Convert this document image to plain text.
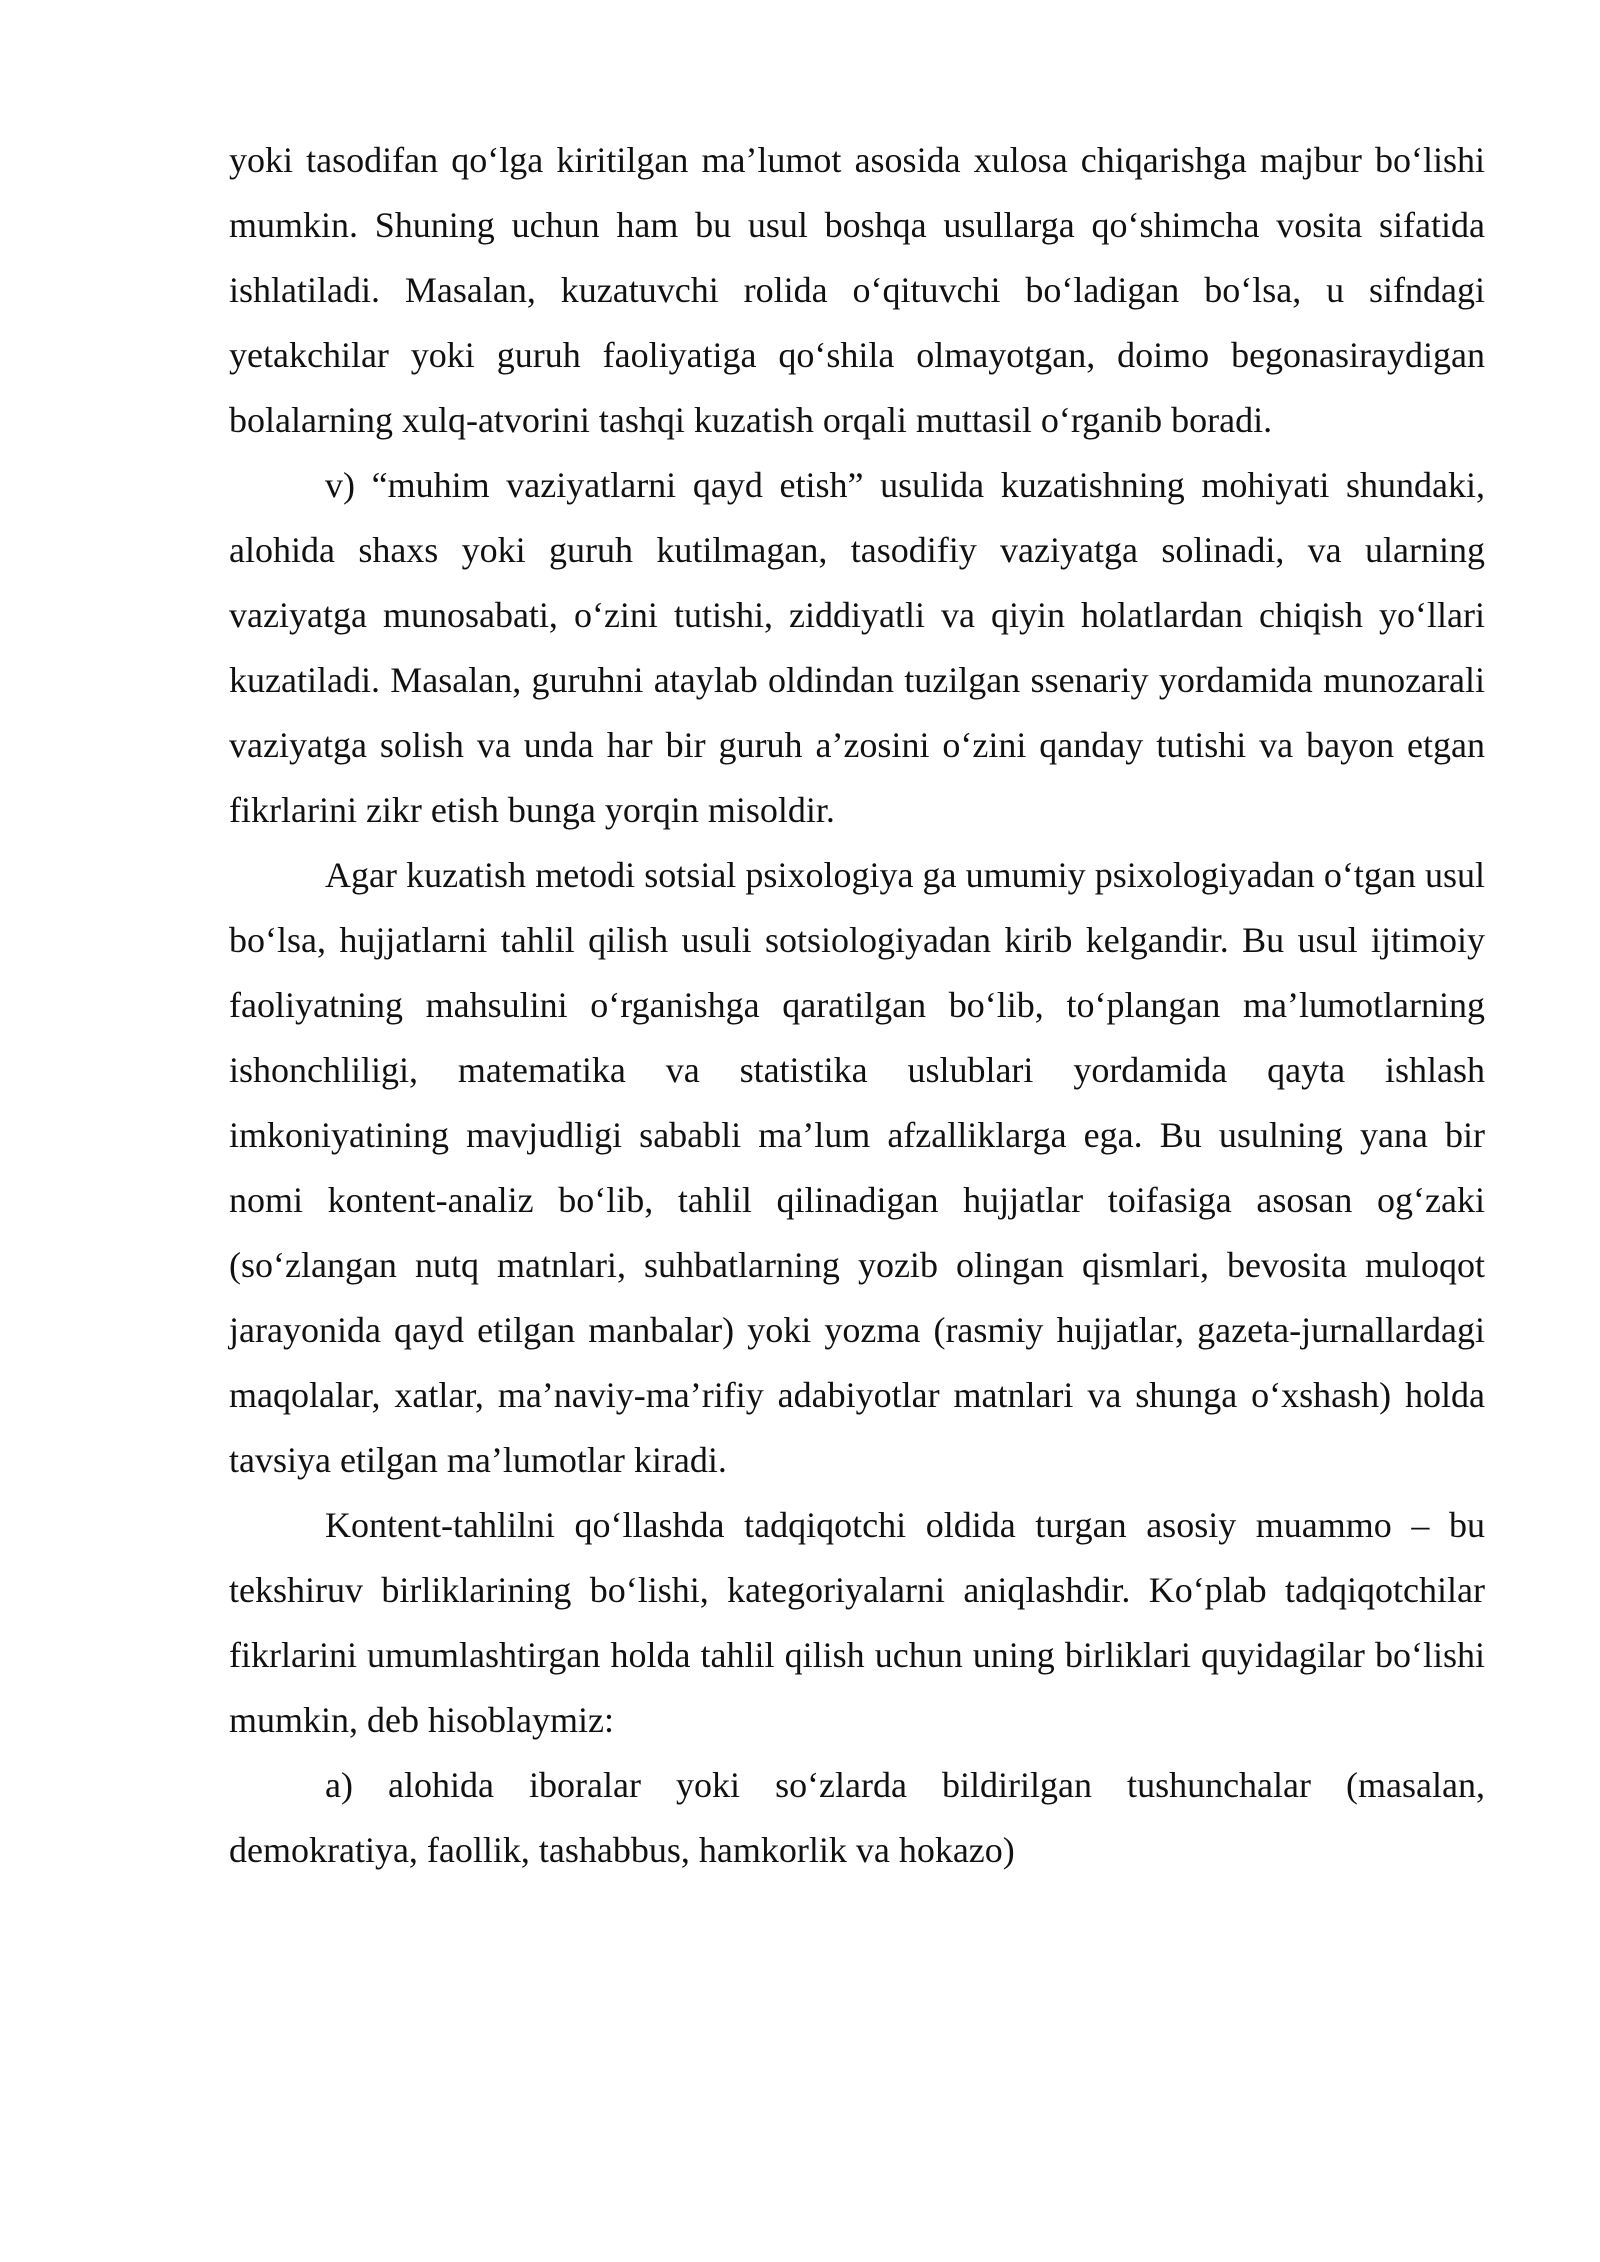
yoki tasodifan qo‘lga kiritilgan ma’lumot asosida xulosa chiqarishga majbur bo‘lishi mumkin. Shuning uchun ham bu usul boshqa usullarga qo‘shimcha vosita sifatida ishlatiladi. Masalan, kuzatuvchi rolida o‘qituvchi bo‘ladigan bo‘lsa, u sifndagi yetakchilar yoki guruh faoliyatiga qo‘shila olmayotgan, doimo begonasiraydigan bolalarning xulq-atvorini tashqi kuzatish orqali muttasil o‘rganib boradi.

v) “muhim vaziyatlarni qayd etish” usulida kuzatishning mohiyati shundaki, alohida shaxs yoki guruh kutilmagan, tasodifiy vaziyatga solinadi, va ularning vaziyatga munosabati, o‘zini tutishi, ziddiyatli va qiyin holatlardan chiqish yo‘llari kuzatiladi. Masalan, guruhni ataylab oldindan tuzilgan ssenariy yordamida munozarali vaziyatga solish va unda har bir guruh a’zosini o‘zini qanday tutishi va bayon etgan fikrlarini zikr etish bunga yorqin misoldir.

Agar kuzatish metodi sotsial psixologiya ga umumiy psixologiyadan o‘tgan usul bo‘lsa, hujjatlarni tahlil qilish usuli sotsiologiyadan kirib kelgandir. Bu usul ijtimoiy faoliyatning mahsulini o‘rganishga qaratilgan bo‘lib, to‘plangan ma’lumotlarning ishonchliligi, matematika va statistika uslublari yordamida qayta ishlash imkoniyatining mavjudligi sababli ma’lum afzalliklarga ega. Bu usulning yana bir nomi kontent-analiz bo‘lib, tahlil qilinadigan hujjatlar toifasiga asosan og‘zaki (so‘zlangan nutq matnlari, suhbatlarning yozib olingan qismlari, bevosita muloqot jarayonida qayd etilgan manbalar) yoki yozma (rasmiy hujjatlar, gazeta-jurnallardagi maqolalar, xatlar, ma’naviy-ma’rifiy adabiyotlar matnlari va shunga o‘xshash) holda tavsiya etilgan ma’lumotlar kiradi.

Kontent-tahlilni qo‘llashda tadqiqotchi oldida turgan asosiy muammo – bu tekshiruv birliklarining bo‘lishi, kategoriyalarni aniqlashdir. Ko‘plab tadqiqotchilar fikrlarini umumlashtirgan holda tahlil qilish uchun uning birliklari quyidagilar bo‘lishi mumkin, deb hisoblaymiz:

a) alohida iboralar yoki so‘zlarda bildirilgan tushunchalar (masalan, demokratiya, faollik, tashabbus, hamkorlik va hokazo)
